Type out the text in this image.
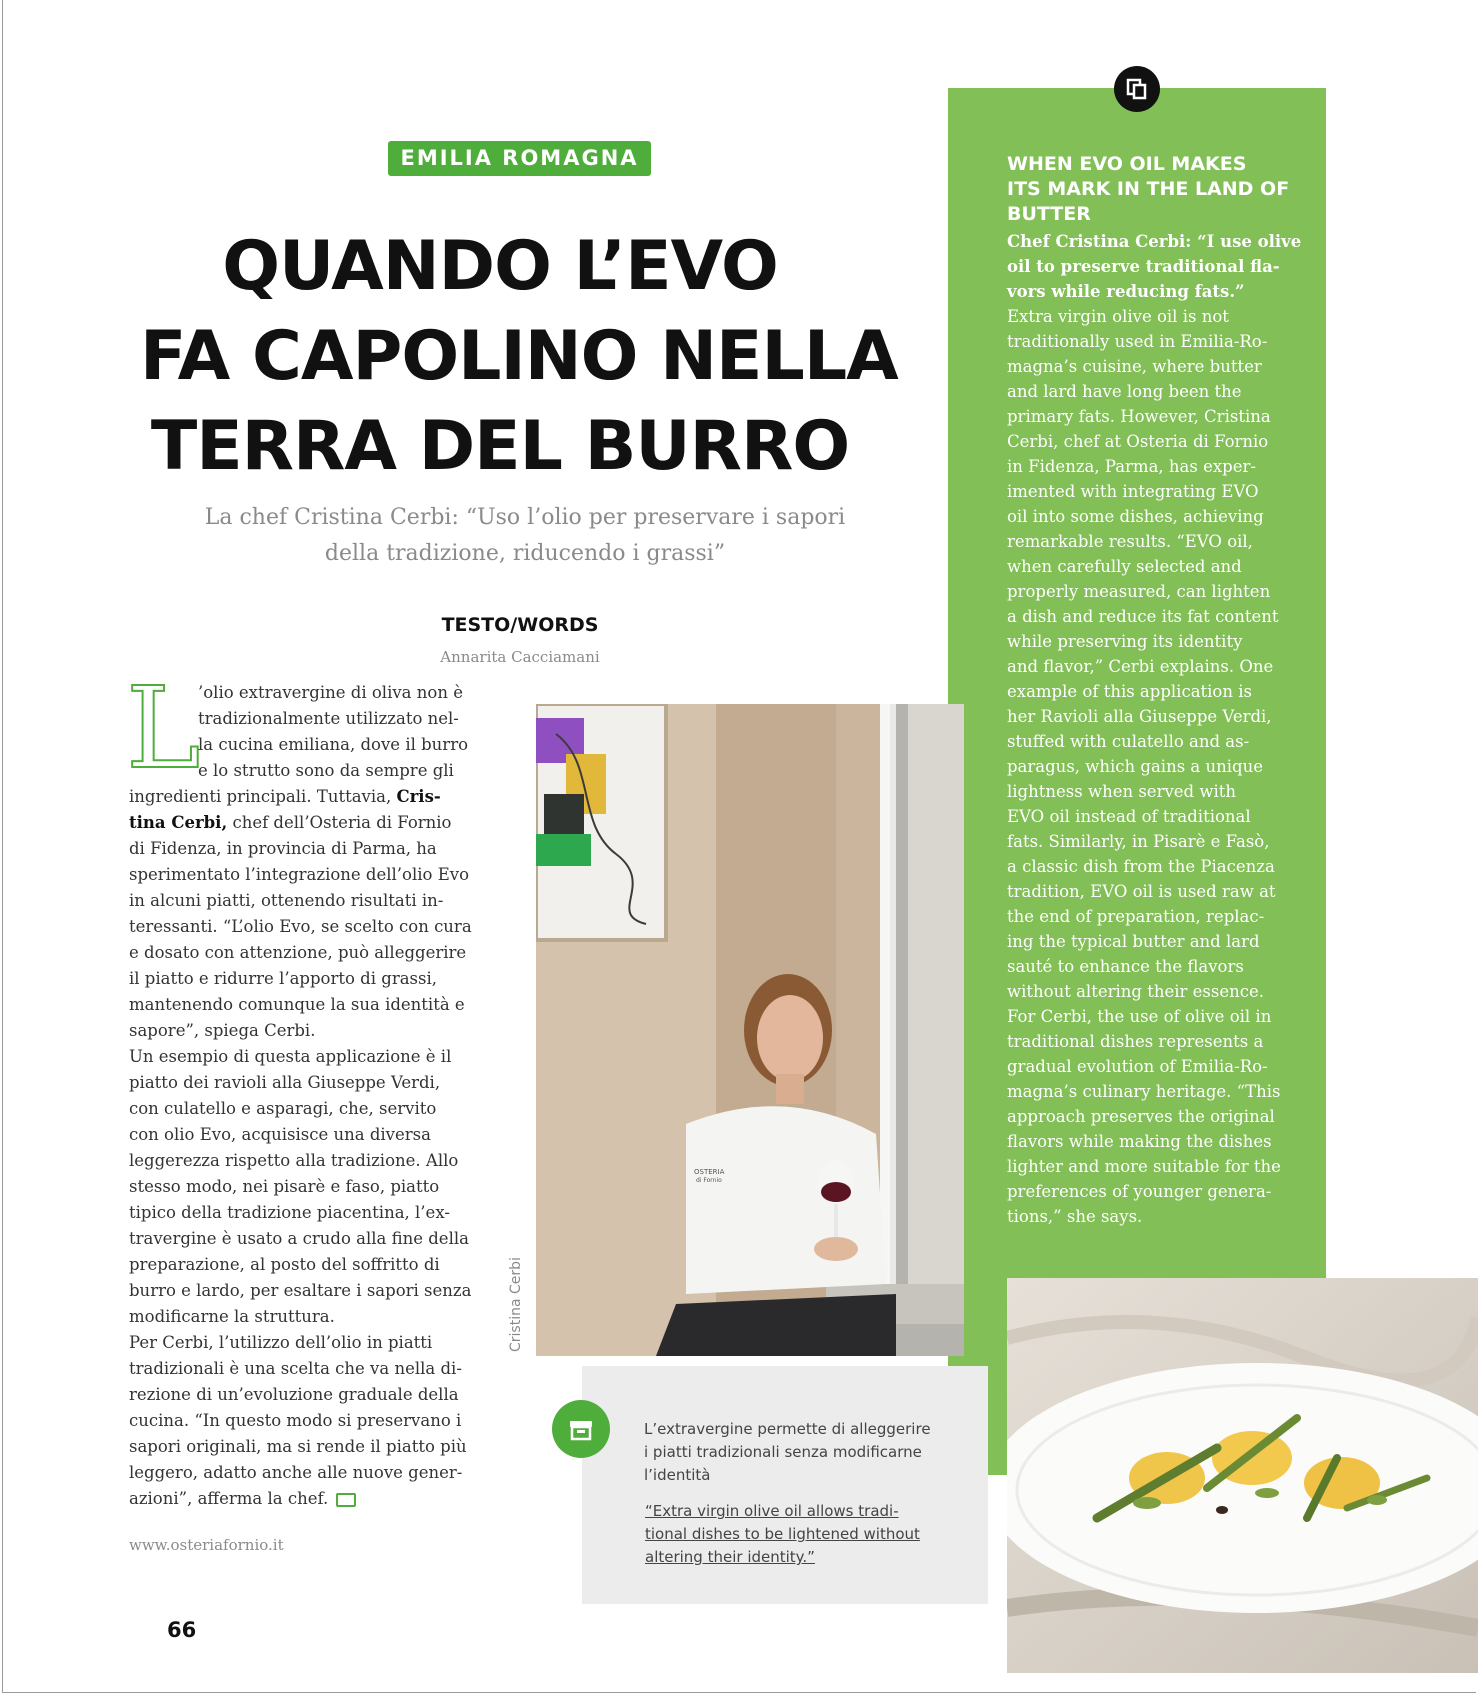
EMILIA ROMAGNA
QUANDO L’EVO
FA CAPOLINO NELLA
TERRA DEL BURRO
La chef Cristina Cerbi: “Uso l’olio per preservare i sapori
della tradizione, riducendo i grassi”
TESTO/WORDS
Annarita Cacciamani
L
’olio extravergine di oliva non è
tradizionalmente utilizzato nel-
la cucina emiliana, dove il burro
e lo strutto sono da sempre gli
ingredienti principali. Tuttavia, Cris-
tina Cerbi, chef dell’Osteria di Fornio
di Fidenza, in provincia di Parma, ha
sperimentato l’integrazione dell’olio Evo
in alcuni piatti, ottenendo risultati in-
teressanti. “L’olio Evo, se scelto con cura
e dosato con attenzione, può alleggerire
il piatto e ridurre l’apporto di grassi,
mantenendo comunque la sua identità e
sapore”, spiega Cerbi.
Un esempio di questa applicazione è il
piatto dei ravioli alla Giuseppe Verdi,
con culatello e asparagi, che, servito
con olio Evo, acquisisce una diversa
leggerezza rispetto alla tradizione. Allo
stesso modo, nei pisarè e faso, piatto
tipico della tradizione piacentina, l’ex-
travergine è usato a crudo alla fine della
preparazione, al posto del soffritto di
burro e lardo, per esaltare i sapori senza
modificarne la struttura.
Per Cerbi, l’utilizzo dell’olio in piatti
tradizionali è una scelta che va nella di-
rezione di un’evoluzione graduale della
cucina. “In questo modo si preservano i
sapori originali, ma si rende il piatto più
leggero, adatto anche alle nuove gener-
azioni”, afferma la chef.
www.osteriafornio.it
66
WHEN EVO OIL MAKES
ITS MARK IN THE LAND OF
BUTTER
Chef Cristina Cerbi: “I use olive
oil to preserve traditional fla-
vors while reducing fats.”
Extra virgin olive oil is not
traditionally used in Emilia-Ro-
magna’s cuisine, where butter
and lard have long been the
primary fats. However, Cristina
Cerbi, chef at Osteria di Fornio
in Fidenza, Parma, has exper-
imented with integrating EVO
oil into some dishes, achieving
remarkable results. “EVO oil,
when carefully selected and
properly measured, can lighten
a dish and reduce its fat content
while preserving its identity
and flavor,” Cerbi explains. One
example of this application is
her Ravioli alla Giuseppe Verdi,
stuffed with culatello and as-
paragus, which gains a unique
lightness when served with
EVO oil instead of traditional
fats. Similarly, in Pisarè e Fasò,
a classic dish from the Piacenza
tradition, EVO oil is used raw at
the end of preparation, replac-
ing the typical butter and lard
sauté to enhance the flavors
without altering their essence.
For Cerbi, the use of olive oil in
traditional dishes represents a
gradual evolution of Emilia-Ro-
magna’s culinary heritage. “This
approach preserves the original
flavors while making the dishes
lighter and more suitable for the
preferences of younger genera-
tions,” she says.
OSTERIA
di Fornio
Cristina Cerbi
L’extravergine permette di alleggerire
i piatti tradizionali senza modificarne
l’identità
“Extra virgin olive oil allows tradi-
tional dishes to be lightened without
altering their identity.”
